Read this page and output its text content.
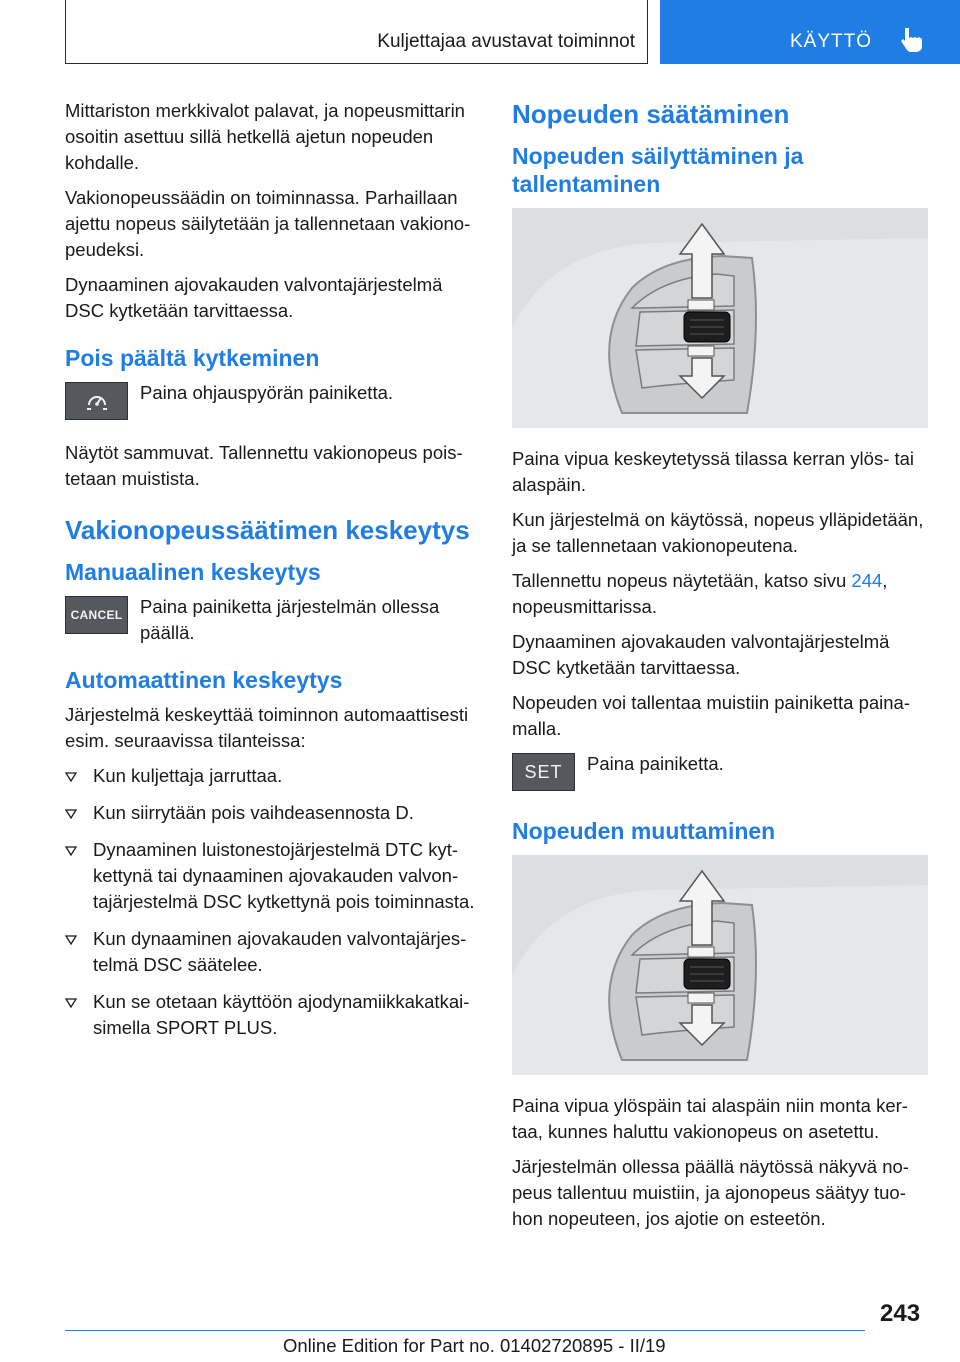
Kuljettajaa avustavat toiminnot	KÄYTTÖ

Mittariston merkkivalot palavat, ja nopeusmittarin osoitin asettuu sillä hetkellä ajetun nopeuden kohdalle.

Vakionopeussäädin on toiminnassa. Parhaillaan ajettu nopeus säilytetään ja tallennetaan vakionopeudeksi.

Dynaaminen ajovakauden valvontajärjestelmä DSC kytketään tarvittaessa.

Pois päältä kytkeminen

Paina ohjauspyörän painiketta.

Näytöt sammuvat. Tallennettu vakionopeus poistetaan muistista.

Vakionopeussäätimen keskeytys
Manuaalinen keskeytys
CANCEL Paina painiketta järjestelmän ollessa päällä.

Automaattinen keskeytys

Järjestelmä keskeyttää toiminnon automaattisesti esim. seuraavissa tilanteissa:

Kun kuljettaja jarruttaa.
Kun siirrytään pois vaihdeasennosta D.
Dynaaminen luistonestojärjestelmä DTC kytkettynä tai dynaaminen ajovakauden valvontajärjestelmä DSC kytkettynä pois toiminnasta.
Kun dynaaminen ajovakauden valvontajärjestelmä DSC säätelee.
Kun se otetaan käyttöön ajodynamiikkakatkaisimella SPORT PLUS.
Nopeuden säätäminen
Nopeuden säilyttäminen ja tallentaminen

Paina vipua keskeytetyssä tilassa kerran ylös- tai alaspäin.

Kun järjestelmä on käytössä, nopeus ylläpidetään, ja se tallennetaan vakionopeutena.

Tallennettu nopeus näytetään, katso sivu 244, nopeusmittarissa.

Dynaaminen ajovakauden valvontajärjestelmä DSC kytketään tarvittaessa.

Nopeuden voi tallentaa muistiin painiketta painamalla.

SET	Paina painiketta.

Nopeuden muuttaminen

Paina vipua ylöspäin tai alaspäin niin monta kertaa, kunnes haluttu vakionopeus on asetettu.

Järjestelmän ollessa päällä näytössä näkyvä nopeus tallentuu muistiin, ja ajonopeus säätyy tuohon nopeuteen, jos ajotie on esteetön.

243
Online Edition for Part no. 01402720895 - II/19
